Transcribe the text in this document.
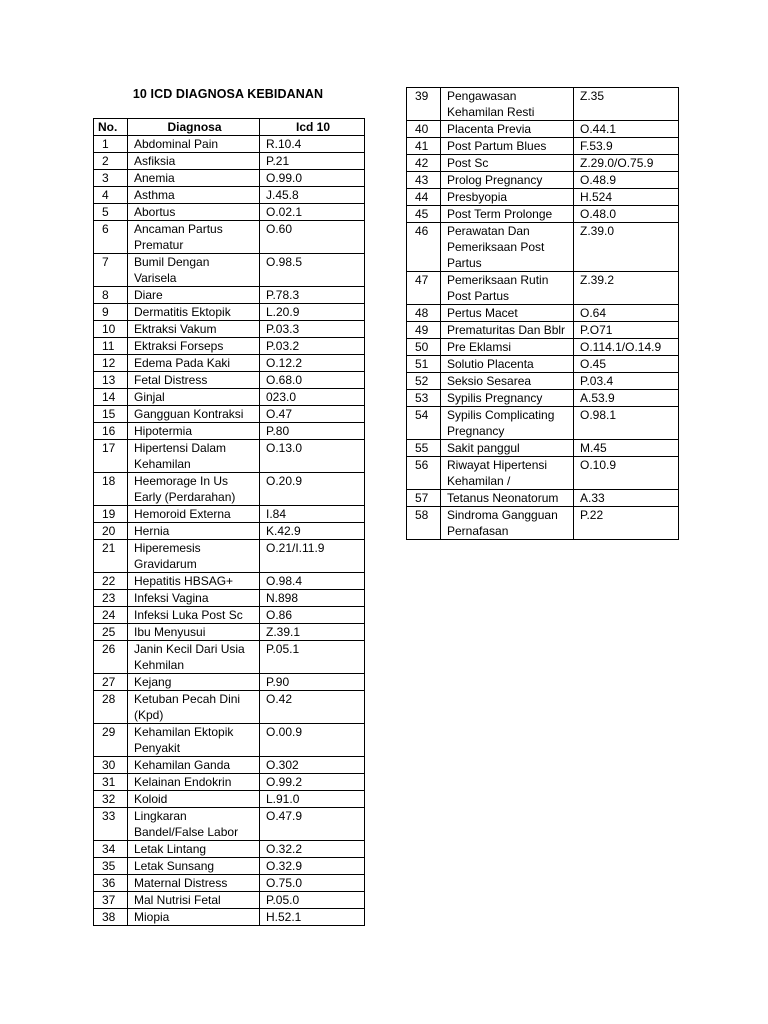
10 ICD DIAGNOSA KEBIDANAN
No.	Diagnosa	Icd 10
1	Abdominal Pain	R.10.4
2	Asfiksia	P.21
3	Anemia	O.99.0
4	Asthma	J.45.8
5	Abortus	O.02.1
6	Ancaman Partus Prematur	O.60
7	Bumil Dengan Varisela	O.98.5
8	Diare	P.78.3
9	Dermatitis Ektopik	L.20.9
10	Ektraksi Vakum	P.03.3
11	Ektraksi Forseps	P.03.2
12	Edema Pada Kaki	O.12.2
13	Fetal Distress	O.68.0
14	Ginjal	023.0
15	Gangguan Kontraksi	O.47
16	Hipotermia	P.80
17	Hipertensi Dalam Kehamilan	O.13.0
18	Heemorage In Us Early (Perdarahan)	O.20.9
19	Hemoroid Externa	I.84
20	Hernia	K.42.9
21	Hiperemesis Gravidarum	O.21/I.11.9
22	Hepatitis HBSAG+	O.98.4
23	Infeksi Vagina	N.898
24	Infeksi Luka Post Sc	O.86
25	Ibu Menyusui	Z.39.1
26	Janin Kecil Dari Usia Kehmilan	P.05.1
27	Kejang	P.90
28	Ketuban Pecah Dini (Kpd)	O.42
29	Kehamilan Ektopik Penyakit	O.00.9
30	Kehamilan Ganda	O.302
31	Kelainan Endokrin	O.99.2
32	Koloid	L.91.0
33	Lingkaran Bandel/False Labor	O.47.9
34	Letak Lintang	O.32.2
35	Letak Sunsang	O.32.9
36	Maternal Distress	O.75.0
37	Mal Nutrisi Fetal	P.05.0
38	Miopia	H.52.1
39	Pengawasan Kehamilan Resti	Z.35
40	Placenta Previa	O.44.1
41	Post Partum Blues	F.53.9
42	Post Sc	Z.29.0/O.75.9
43	Prolog Pregnancy	O.48.9
44	Presbyopia	H.524
45	Post Term Prolonge	O.48.0
46	Perawatan Dan Pemeriksaan Post Partus	Z.39.0
47	Pemeriksaan Rutin Post Partus	Z.39.2
48	Pertus Macet	O.64
49	Prematuritas Dan Bblr	P.O71
50	Pre Eklamsi	O.114.1/O.14.9
51	Solutio Placenta	O.45
52	Seksio Sesarea	P.03.4
53	Sypilis Pregnancy	A.53.9
54	Sypilis Complicating Pregnancy	O.98.1
55	Sakit panggul	M.45
56	Riwayat Hipertensi Kehamilan /	O.10.9
57	Tetanus Neonatorum	A.33
58	Sindroma Gangguan Pernafasan	P.22
